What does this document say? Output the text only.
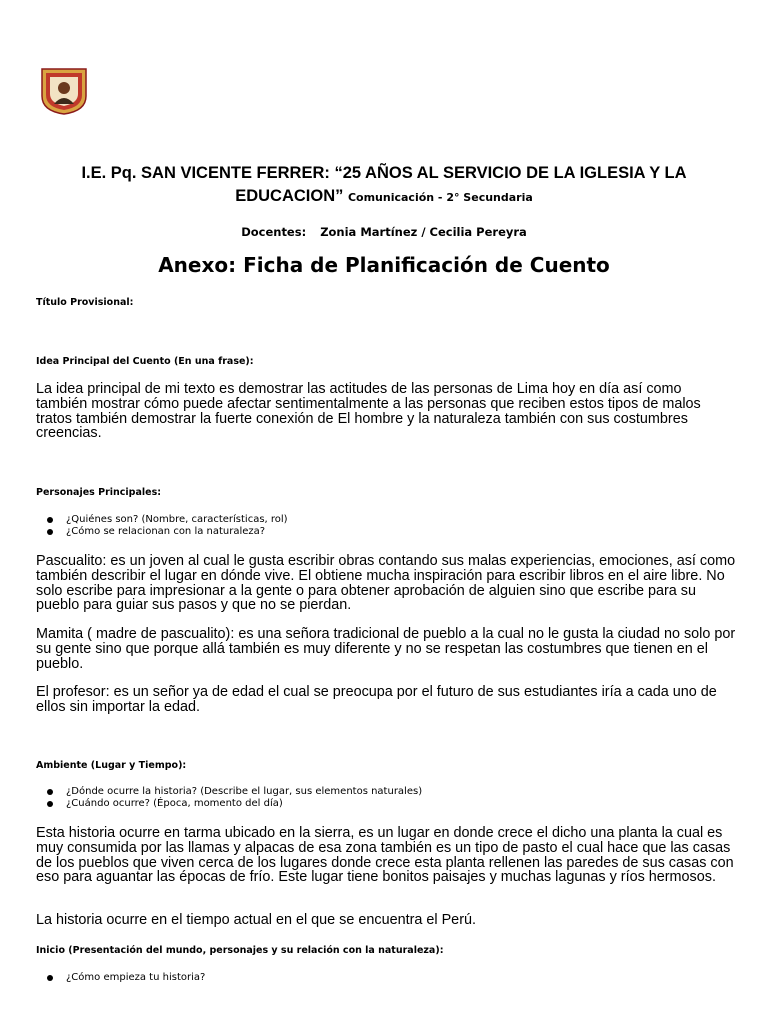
I.E. Pq. SAN VICENTE FERRER: “25 AÑOS AL SERVICIO DE LA IGLESIA Y LA EDUCACION” Comunicación - 2° Secundaria
Docentes: Zonia Martínez / Cecilia Pereyra
Anexo: Ficha de Planificación de Cuento
Título Provisional:
Idea Principal del Cuento (En una frase):
La idea principal de mi texto es demostrar las actitudes de las personas de Lima hoy en día así como también mostrar cómo puede afectar sentimentalmente a las personas que reciben estos tipos de malos tratos también demostrar la fuerte conexión de El hombre y la naturaleza también con sus costumbres creencias.
Personajes Principales:
¿Quiénes son? (Nombre, características, rol)
¿Cómo se relacionan con la naturaleza?
Pascualito: es un joven al cual le gusta escribir obras contando sus malas experiencias, emociones, así como también describir el lugar en dónde vive. El obtiene mucha inspiración para escribir libros en el aire libre. No solo escribe para impresionar a la gente o para obtener aprobación de alguien sino que escribe para su pueblo para guiar sus pasos y que no se pierdan.
Mamita ( madre de pascualito): es una señora tradicional de pueblo a la cual no le gusta la ciudad no solo por su gente sino que porque allá también es muy diferente y no se respetan las costumbres que tienen en el pueblo.
El profesor: es un señor ya de edad el cual se preocupa por el futuro de sus estudiantes iría a cada uno de ellos sin importar la edad.
Ambiente (Lugar y Tiempo):
¿Dónde ocurre la historia? (Describe el lugar, sus elementos naturales)
¿Cuándo ocurre? (Época, momento del día)
Esta historia ocurre en tarma ubicado en la sierra, es un lugar en donde crece el dicho una planta la cual es muy consumida por las llamas y alpacas de esa zona también es un tipo de pasto el cual hace que las casas de los pueblos que viven cerca de los lugares donde crece esta planta rellenen las paredes de sus casas con eso para aguantar las épocas de frío. Este lugar tiene bonitos paisajes y muchas lagunas y ríos hermosos.
La historia ocurre en el tiempo actual en el que se encuentra el Perú.
Inicio (Presentación del mundo, personajes y su relación con la naturaleza):
¿Cómo empieza tu historia?
